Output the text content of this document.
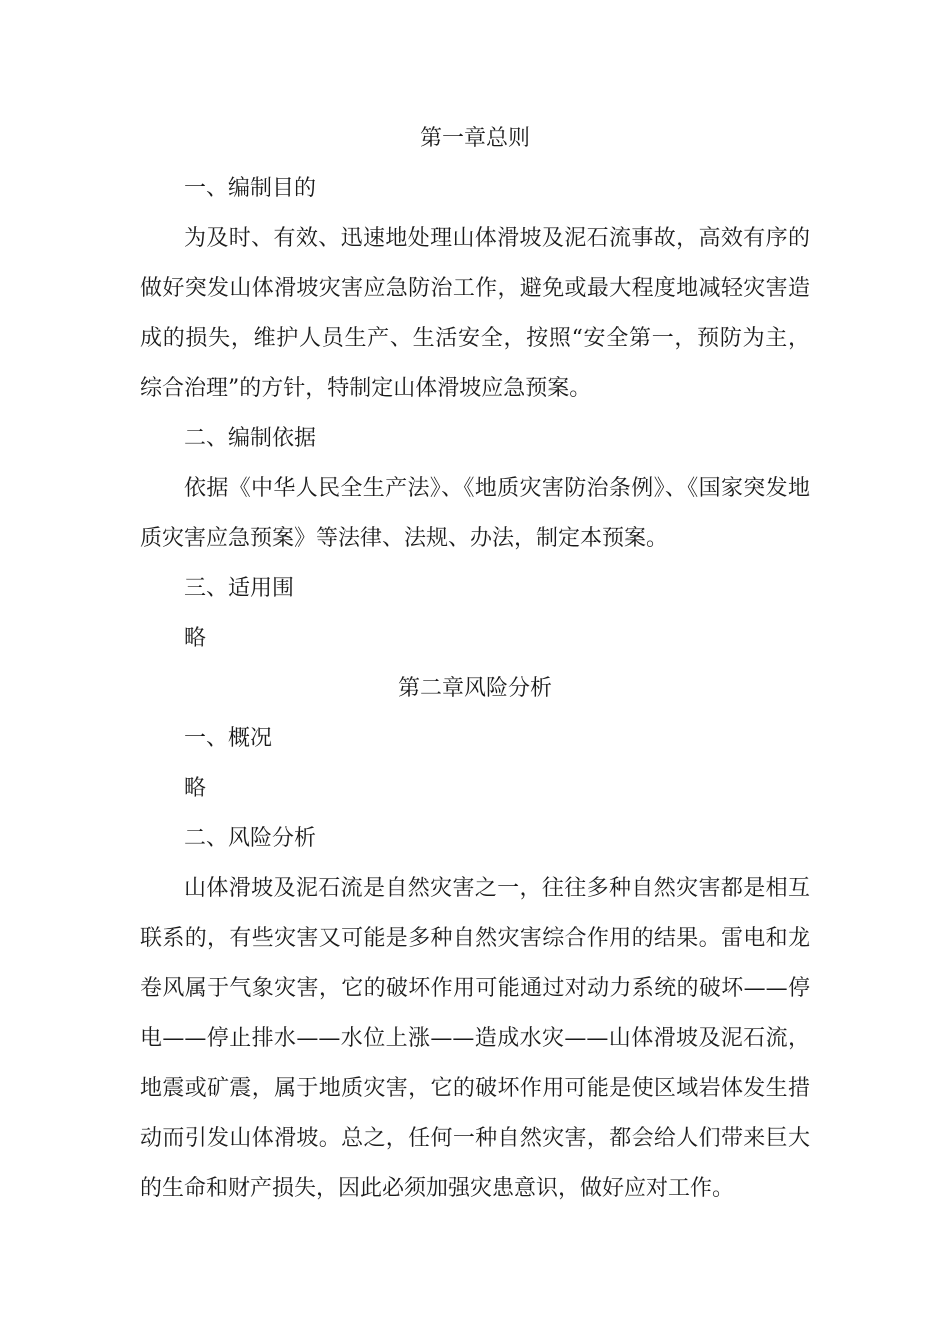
第一章总则
一、编制目的

为及时、有效、迅速地处理山体滑坡及泥石流事故，高效有序的做好突发山体滑坡灾害应急防治工作，避免或最大程度地减轻灾害造成的损失，维护人员生产、生活安全，按照“安全第一，预防为主，综合治理”的方针，特制定山体滑坡应急预案。

二、编制依据

依据《中华人民全生产法》、《地质灾害防治条例》、《国家突发地质灾害应急预案》等法律、法规、办法，制定本预案。

三、适用围
略
第二章风险分析
一、概况
略
二、风险分析

山体滑坡及泥石流是自然灾害之一，往往多种自然灾害都是相互联系的，有些灾害又可能是多种自然灾害综合作用的结果。雷电和龙卷风属于气象灾害，它的破坏作用可能通过对动力系统的破坏——停电——停止排水——水位上涨——造成水灾——山体滑坡及泥石流，地震或矿震，属于地质灾害，它的破坏作用可能是使区域岩体发生措动而引发山体滑坡。总之，任何一种自然灾害，都会给人们带来巨大的生命和财产损失，因此必须加强灾患意识，做好应对工作。
